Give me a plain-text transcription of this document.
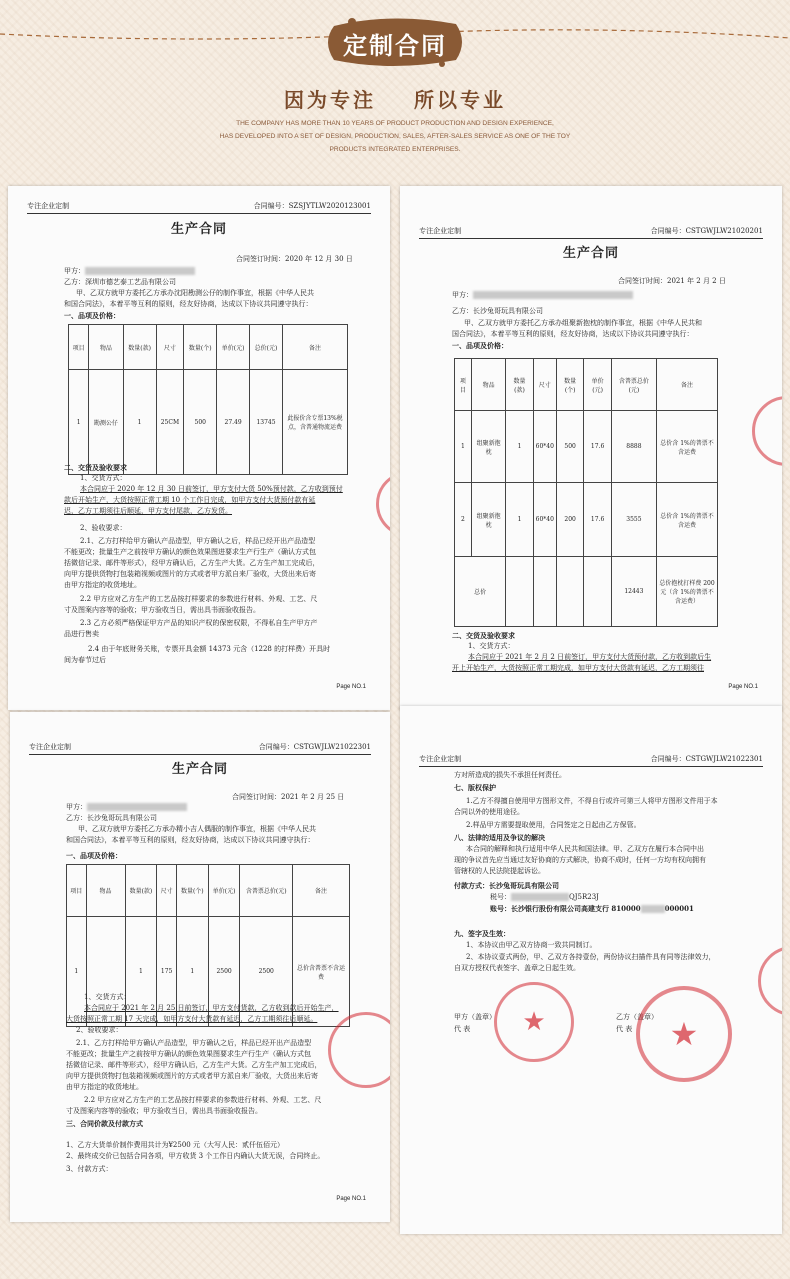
定制合同
因为专注 所以专业
THE COMPANY HAS MORE THAN 10 YEARS OF PRODUCT PRODUCTION AND DESIGN EXPERIENCE,
HAS DEVELOPED INTO A SET OF DESIGN, PRODUCTION, SALES, AFTER-SALES SERVICE AS ONE OF THE TOY
PRODUCTS INTEGRATED ENTERPRISES.
专注企业定制	合同编号：SZSJYTLW2020123001
生产合同
合同签订时间：2020 年 12 月 30 日
甲方：
乙方：深圳市德艺泰工艺品有限公司
甲、乙双方就甲方委托乙方承办沈阳勘测公仔的制作事宜，根据《中华人民共
和国合同法》，本着平等互利的原则，经友好协商，达成以下协议共同遵守执行：
一、品项及价格：
项目	物品	数量(款)	尺寸	数量(个)	单价(元)	总价(元)	备注
1	勘测公仔	1	25CM	500	27.49	13745	此报价含专票13%税点，含普通物流运费
二、交货及验收要求
1、交货方式：
本合同应于 2020 年 12 月 30 日前签订，甲方支付大货 50%预付款，乙方收到预付
款后开始生产，大货按照正常工期 10 个工作日完成，如甲方支付大货预付款有延
迟，乙方工期须往后顺延，甲方支付尾款，乙方发货。
2、验收要求：
2.1、乙方打样给甲方确认产品造型，甲方确认之后，样品已经开出产品造型
不能更改；批量生产之前按甲方确认的颜色效果图进要求生产行生产（确认方式包
括微信记录、邮件等形式），经甲方确认后，乙方生产大货。乙方生产加工完成后，
向甲方提供货物打包装箱视频或图片的方式或者甲方派自来厂验收，大货出来后寄
由甲方指定的收货地址。
2.2 甲方应对乙方生产的工艺品按打样要求的参数进行材料、外观、工艺、尺
寸及图案内容等的验收；甲方验收当日，需出具书面验收报告。
2.3 乙方必须严格保证甲方产品的知识产权的保密权限，不得私自生产甲方产
品进行售卖
2.4 由于年底财务关账，专票开具金额 14373 元含（1228 的打样费）开具时
间为春节过后
Page NO.1
专注企业定制	合同编号：CSTGWJLW21020201
生产合同
合同签订时间：2021 年 2 月 2 日
甲方：
乙方：长沙兔哥玩具有限公司
甲、乙双方就甲方委托乙方承办组聚新抱枕的制作事宜，根据《中华人民共和
国合同法》，本着平等互利的原则，经友好协商，达成以下协议共同遵守执行：
一、品项及价格：
项目	物品	数量(款)	尺寸	数量(个)	单价(元)	含普票总价(元)	备注
1	组聚新抱枕	1	60*40	500	17.6	8888	总价含 1%的普票不含运费
2	组聚新抱枕	1	60*40	200	17.6	3555	总价含 1%的普票不含运费
总价						12443	总价抱枕打样费 200 元（含 1%的普票不含运费）
二、交货及验收要求
1、交货方式：
本合同应于 2021 年 2 月 2 日前签订，甲方支付大货预付款，乙方收到款后生
开上开始生产，大货按照正常工期完成，如甲方支付大货款有延迟，乙方工期须往
Page NO.1
专注企业定制	合同编号：CSTGWJLW21022301
生产合同
合同签订时间：2021 年 2 月 25 日
甲方：
乙方：长沙兔哥玩具有限公司
甲、乙双方就甲方委托乙方承办精小吉人偶服的制作事宜，根据《中华人民共
和国合同法》，本着平等互利的原则，经友好协商，达成以下协议共同遵守执行：
一、品项及价格：
项目	物品	数量(款)	尺寸	数量(个)	单价(元)	含普票总价(元)	备注
1		1	175	1	2500	2500	总价含普票不含运费
1、交货方式：
本合同应于 2021 年 2 月 25 日前签订，甲方支付货款，乙方收到款后开始生产，
大货按照正常工期 17 天完成，如甲方支付大货款有延迟，乙方工期须往后顺延。
2、验收要求：
2.1、乙方打样给甲方确认产品造型，甲方确认之后，样品已经开出产品造型
不能更改；批量生产之前按甲方确认的颜色效果图要求生产行生产（确认方式包
括微信记录、邮件等形式），经甲方确认后，乙方生产大货。乙方生产加工完成后，
向甲方提供货物打包装箱视频或图片的方式或者甲方派自来厂验收，大货出来后寄
由甲方指定的收货地址。
2.2 甲方应对乙方生产的工艺品按打样要求的参数进行材料、外观、工艺、尺
寸及图案内容等的验收；甲方验收当日，需出具书面验收报告。
三、合同价款及付款方式
1、乙方大货单价制作费用共计为¥2500 元（大写人民：贰仟伍佰元）
2、最终成交价已包括合同各项，甲方收货 3 个工作日内确认大货无误，合同终止。
3、付款方式：
Page NO.1
专注企业定制	合同编号：CSTGWJLW21022301
方对所造成的损失不承担任何责任。
七、版权保护
1.乙方不得擅自使用甲方图形文件，不得自行或许可第三人将甲方图形文件用于本
合同以外的使用途径。
2.样品甲方需要提取使用，合同签定之日起由乙方保管。
八、法律的适用及争议的解决
本合同的解释和执行适用中华人民共和国法律。甲、乙双方在履行本合同中出
现的争议首先应当通过友好协商的方式解决，协商不成时，任何一方均有权向拥有
管辖权的人民法院提起诉讼。
付款方式：长沙兔哥玩具有限公司
税号：	QJ5R23J
账号：长沙银行股份有限公司高建支行 810000	000001
九、签字及生效：
1、本协议由甲乙双方协商一致共同制订。
2、本协议壹式两份，甲、乙双方各持壹份，两份协议扫描件具有同等法律效力，
自双方授权代表签字、盖章之日起生效。
甲方（盖章）
代 表
乙方（盖章）
代 表
★	★
